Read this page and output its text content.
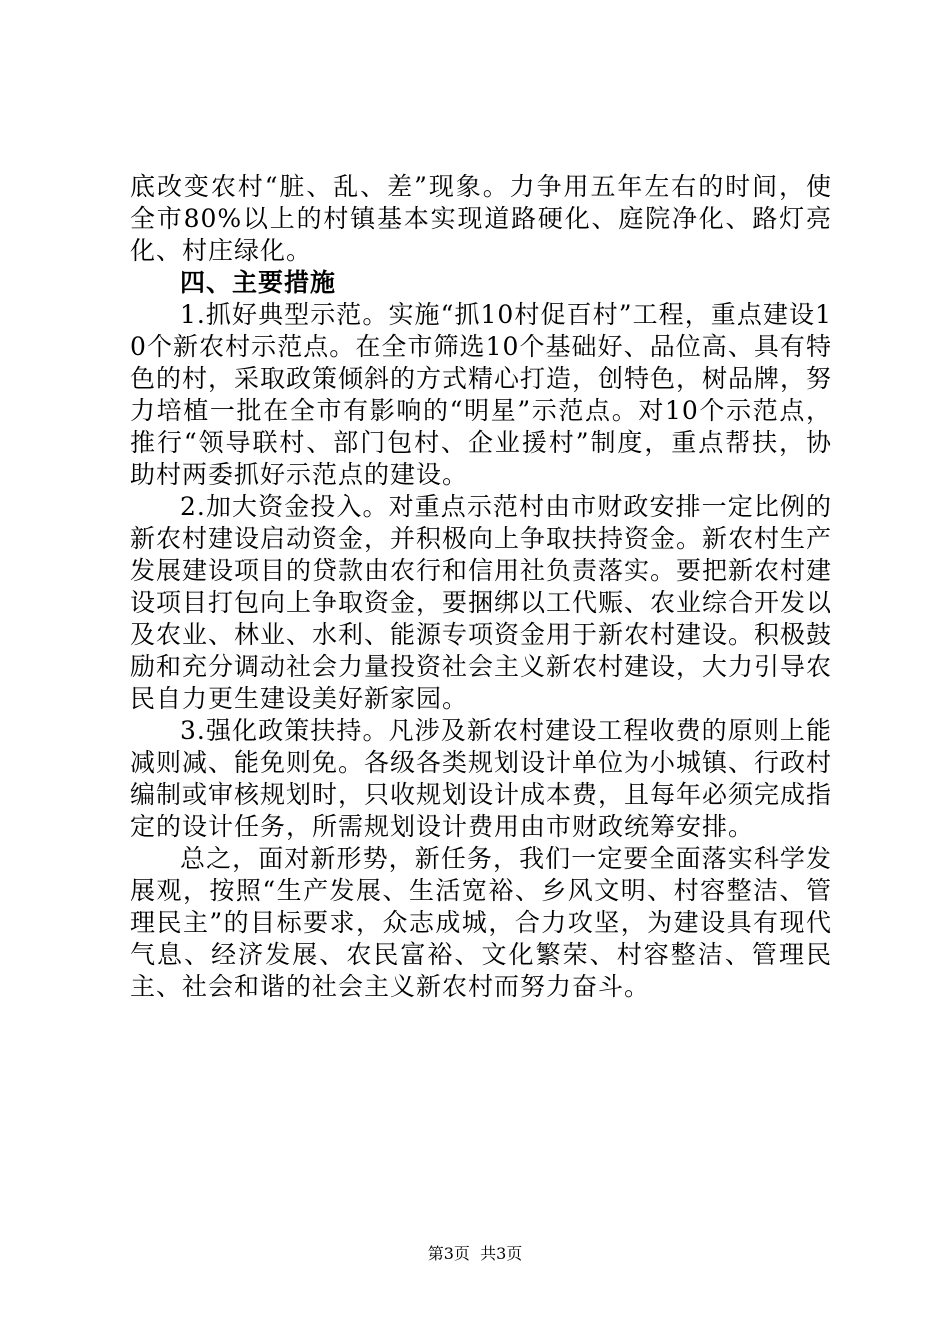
底改变农村“脏、乱、差”现象。力争用五年左右的时间，使全市80%以上的村镇基本实现道路硬化、庭院净化、路灯亮化、村庄绿化。

四、主要措施

1.抓好典型示范。实施“抓10村促百村”工程，重点建设10个新农村示范点。在全市筛选10个基础好、品位高、具有特色的村，采取政策倾斜的方式精心打造，创特色，树品牌，努力培植一批在全市有影响的“明星”示范点。对10个示范点，推行“领导联村、部门包村、企业援村”制度，重点帮扶，协助村两委抓好示范点的建设。

2.加大资金投入。对重点示范村由市财政安排一定比例的新农村建设启动资金，并积极向上争取扶持资金。新农村生产发展建设项目的贷款由农行和信用社负责落实。要把新农村建设项目打包向上争取资金，要捆绑以工代赈、农业综合开发以及农业、林业、水利、能源专项资金用于新农村建设。积极鼓励和充分调动社会力量投资社会主义新农村建设，大力引导农民自力更生建设美好新家园。

3.强化政策扶持。凡涉及新农村建设工程收费的原则上能减则减、能免则免。各级各类规划设计单位为小城镇、行政村编制或审核规划时，只收规划设计成本费，且每年必须完成指定的设计任务，所需规划设计费用由市财政统筹安排。

总之，面对新形势，新任务，我们一定要全面落实科学发展观，按照“生产发展、生活宽裕、乡风文明、村容整洁、管理民主”的目标要求，众志成城，合力攻坚，为建设具有现代气息、经济发展、农民富裕、文化繁荣、村容整洁、管理民主、社会和谐的社会主义新农村而努力奋斗。

第3页  共3页
